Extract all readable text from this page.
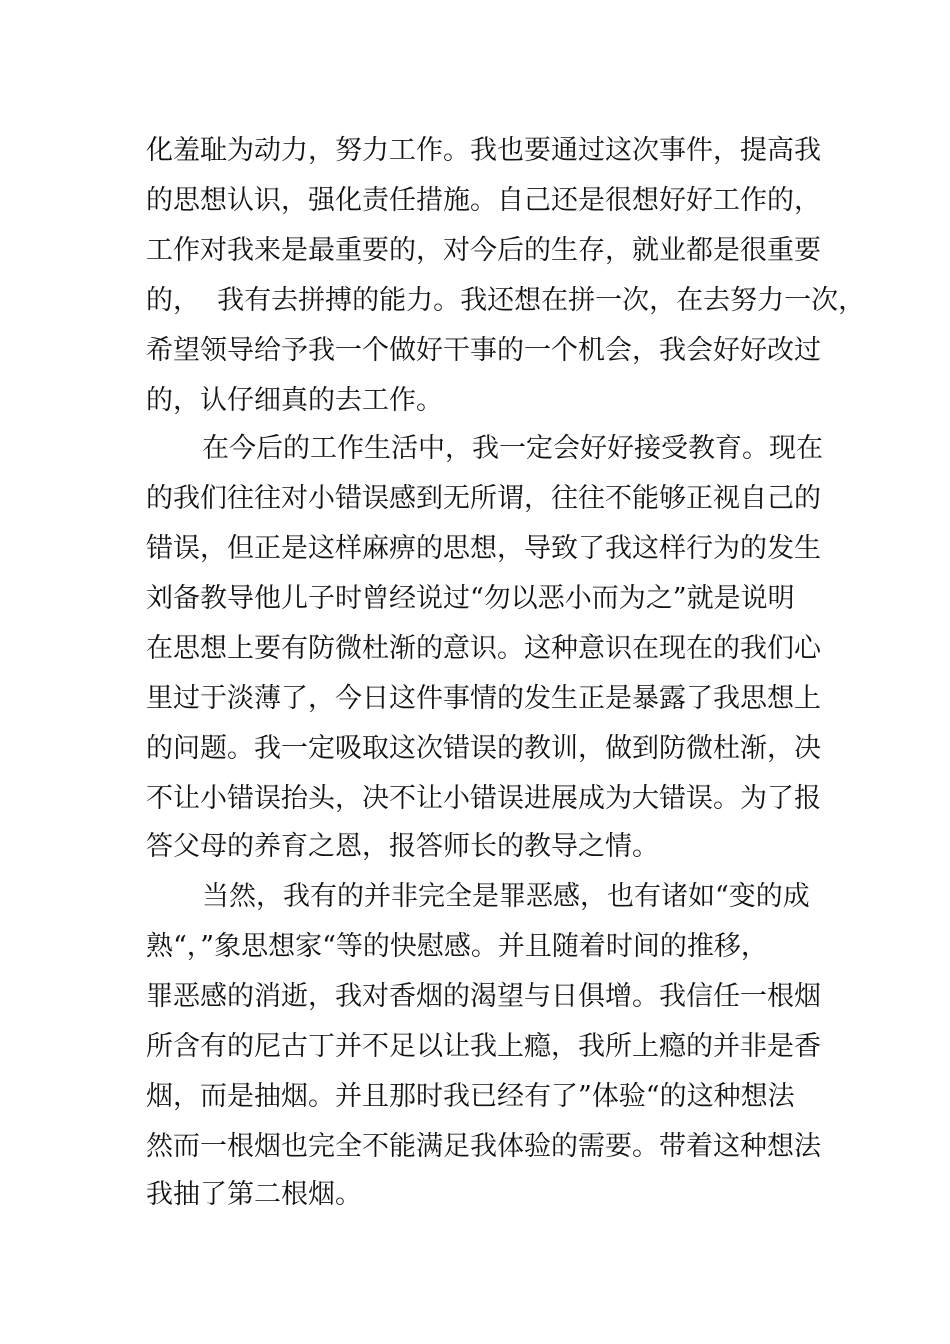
化羞耻为动力，努力工作。我也要通过这次事件，提高我
的思想认识，强化责任措施。自己还是很想好好工作的，
工作对我来是最重要的，对今后的生存，就业都是很重要
的，  我有去拼搏的能力。我还想在拼一次，在去努力一次，
希望领导给予我一个做好干事的一个机会，我会好好改过
的，认仔细真的去工作。
在今后的工作生活中，我一定会好好接受教育。现在
的我们往往对小错误感到无所谓，往往不能够正视自己的
错误，但正是这样麻痹的思想，导致了我这样行为的发生
刘备教导他儿子时曾经说过“勿以恶小而为之”就是说明
在思想上要有防微杜渐的意识。这种意识在现在的我们心
里过于淡薄了，今日这件事情的发生正是暴露了我思想上
的问题。我一定吸取这次错误的教训，做到防微杜渐，决
不让小错误抬头，决不让小错误进展成为大错误。为了报
答父母的养育之恩，报答师长的教导之情。
当然，我有的并非完全是罪恶感，也有诸如“变的成
熟“，”象思想家“等的快慰感。并且随着时间的推移，
罪恶感的消逝，我对香烟的渴望与日俱增。我信任一根烟
所含有的尼古丁并不足以让我上瘾，我所上瘾的并非是香
烟，而是抽烟。并且那时我已经有了”体验“的这种想法
然而一根烟也完全不能满足我体验的需要。带着这种想法
我抽了第二根烟。
